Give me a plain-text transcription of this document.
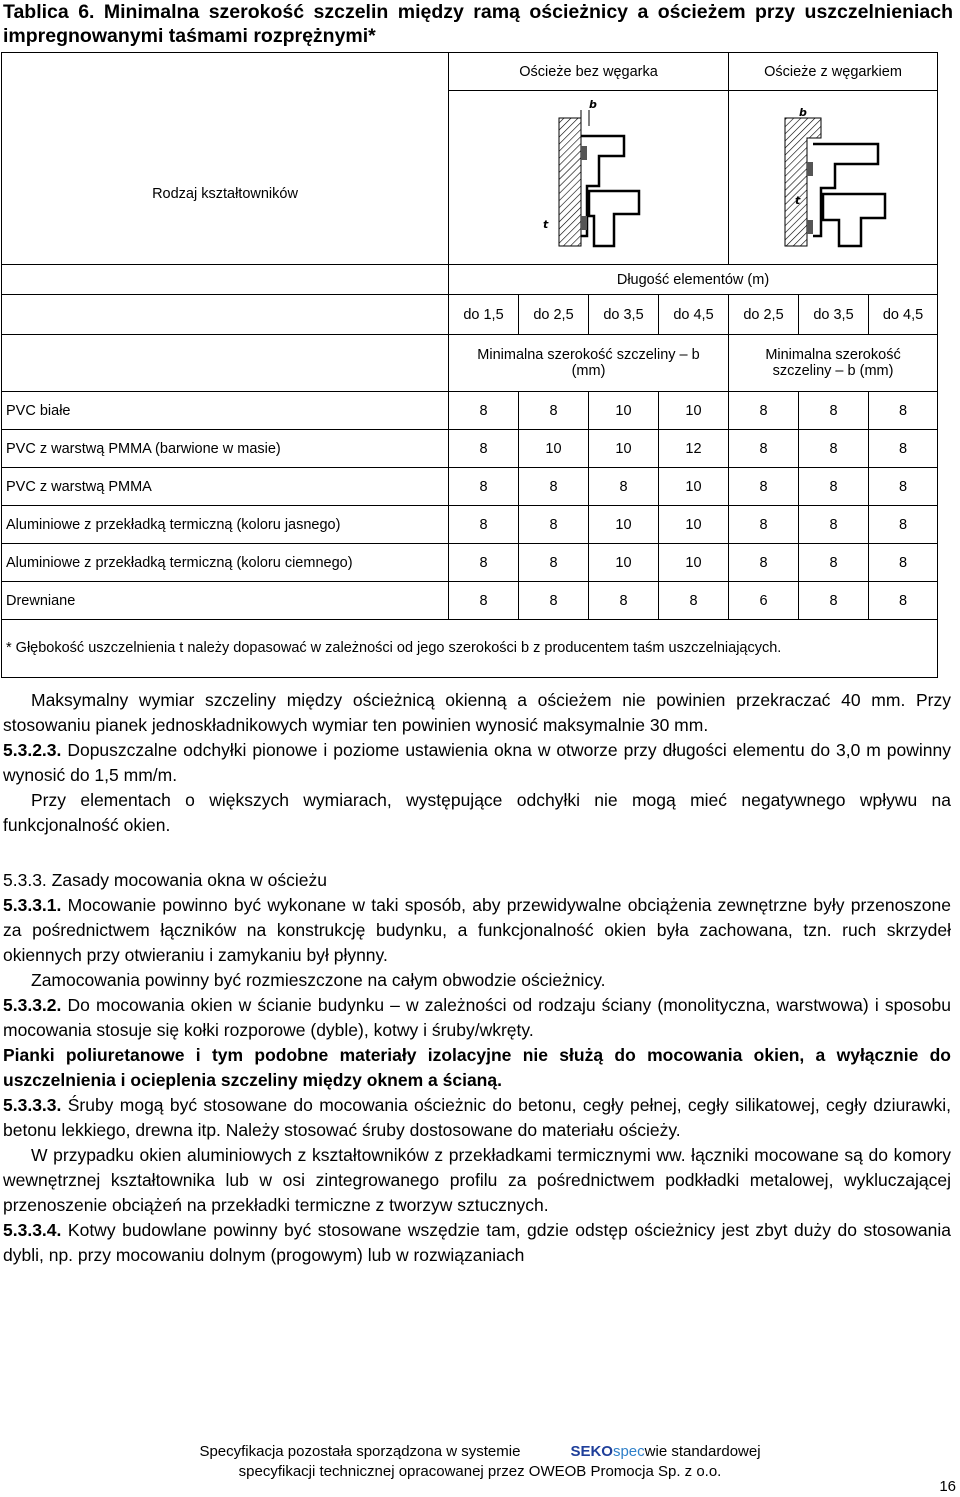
Tablica 6. Minimalna szerokość szczelin między ramą ościeżnicy a ościeżem przy uszczelnieniach impregnowanymi taśmami rozprężnymi*
Rodzaj kształtowników	Ościeże bez węgarka				Ościeże z węgarkiem		

b
t				b
t		

	Długość elementów (m)						
	do 1,5	do 2,5	do 3,5	do 4,5	do 2,5	do 3,5	do 4,5
	Minimalna szerokość szczeliny – b (mm)				Minimalna szerokość szczeliny – b (mm)		
PVC białe	8	8	10	10	8	8	8
PVC z warstwą PMMA (barwione w masie)	8	10	10	12	8	8	8
PVC z warstwą PMMA	8	8	8	10	8	8	8
Aluminiowe z przekładką termiczną (koloru jasnego)	8	8	10	10	8	8	8
Aluminiowe z przekładką termiczną (koloru ciemnego)	8	8	10	10	8	8	8
Drewniane	8	8	8	8	6	8	8
* Głębokość uszczelnienia t należy dopasować w zależności od jego szerokości b z producentem taśm uszczelniających.							

Maksymalny wymiar szczeliny między ościeżnicą okienną a ościeżem nie powinien przekraczać 40 mm. Przy stosowaniu pianek jednoskładnikowych wymiar ten powinien wynosić maksymalnie 30 mm.

5.3.2.3. Dopuszczalne odchyłki pionowe i poziome ustawienia okna w otworze przy długości elementu do 3,0 m powinny wynosić do 1,5 mm/m.

Przy elementach o większych wymiarach, występujące odchyłki nie mogą mieć negatywnego wpływu na funkcjonalność okien.

5.3.3. Zasady mocowania okna w ościeżu

5.3.3.1. Mocowanie powinno być wykonane w taki sposób, aby przewidywalne obciążenia zewnętrzne były przenoszone za pośrednictwem łączników na konstrukcję budynku, a funkcjonalność okien była zachowana, tzn. ruch skrzydeł okiennych przy otwieraniu i zamykaniu był płynny.

Zamocowania powinny być rozmieszczone na całym obwodzie ościeżnicy.

5.3.3.2. Do mocowania okien w ścianie budynku – w zależności od rodzaju ściany (monolityczna, warstwowa) i sposobu mocowania stosuje się kołki rozporowe (dyble), kotwy i śruby/wkręty.

Pianki poliuretanowe i tym podobne materiały izolacyjne nie służą do mocowania okien, a wyłącznie do uszczelnienia i ocieplenia szczeliny między oknem a ścianą.

5.3.3.3. Śruby mogą być stosowane do mocowania ościeżnic do betonu, cegły pełnej, cegły silikatowej, cegły dziurawki, betonu lekkiego, drewna itp. Należy stosować śruby dostosowane do materiału ościeży.

W przypadku okien aluminiowych z kształtowników z przekładkami termicznymi ww. łączniki mocowane są do komory wewnętrznej kształtownika lub w osi zintegrowanego profilu za pośrednictwem podkładki metalowej, wykluczającej przenoszenie obciążeń na przekładki termiczne z tworzyw sztucznych.

5.3.3.4. Kotwy budowlane powinny być stosowane wszędzie tam, gdzie odstęp ościeżnicy jest zbyt duży do stosowania dybli, np. przy mocowaniu dolnym (progowym) lub w rozwiązaniach

Specyfikacja pozostała sporządzona w systemie	SEKOspecwie standardowej
specyfikacji technicznej opracowanej przez OWEOB Promocja Sp. z o.o.
16
